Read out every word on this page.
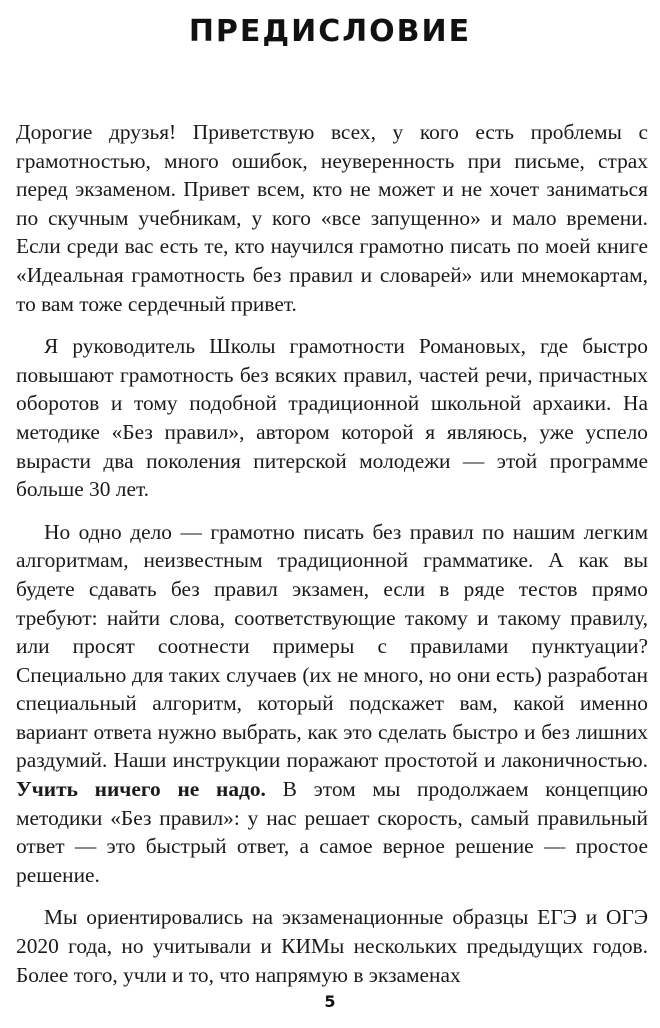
ПРЕДИСЛОВИЕ

Дорогие друзья! Приветствую всех, у кого есть проблемы с грамотностью, много ошибок, неуверенность при письме, страх перед экзаменом. Привет всем, кто не может и не хочет заниматься по скучным учебникам, у кого «все запущенно» и мало времени. Если среди вас есть те, кто научился грамотно писать по моей книге «Идеальная грамотность без правил и словарей» или мнемокартам, то вам тоже сердечный привет.

Я руководитель Школы грамотности Романовых, где быстро повышают грамотность без всяких правил, частей речи, причастных оборотов и тому подобной традиционной школьной архаики. На методике «Без правил», автором которой я являюсь, уже успело вырасти два поколения питерской молодежи — этой программе больше 30 лет.

Но одно дело — грамотно писать без правил по нашим легким алгоритмам, неизвестным традиционной грамматике. А как вы будете сдавать без правил экзамен, если в ряде тестов прямо требуют: найти слова, соответствующие такому и такому правилу, или просят соотнести примеры с правилами пунктуации? Специально для таких случаев (их не много, но они есть) разработан специальный алгоритм, который подскажет вам, какой именно вариант ответа нужно выбрать, как это сделать быстро и без лишних раздумий. Наши инструкции поражают простотой и лаконичностью. Учить ничего не надо. В этом мы продолжаем концепцию методики «Без правил»: у нас решает скорость, самый правильный ответ — это быстрый ответ, а самое верное решение — простое решение.

Мы ориентировались на экзаменационные образцы ЕГЭ и ОГЭ 2020 года, но учитывали и КИМы нескольких предыдущих годов. Более того, учли и то, что напрямую в экзаменах

5
